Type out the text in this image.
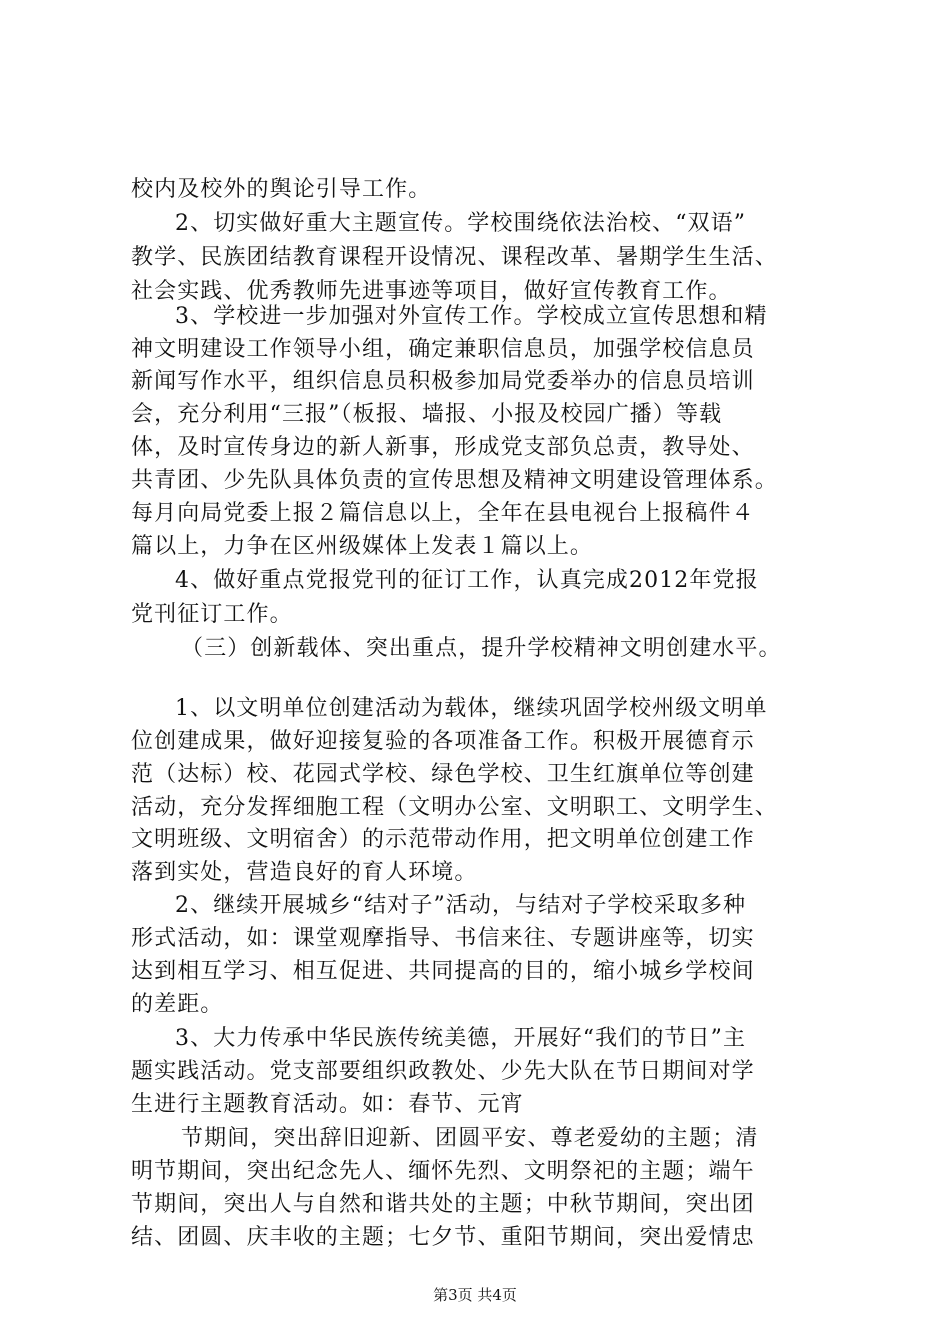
校内及校外的舆论引导工作。

2、切实做好重大主题宣传。学校围绕依法治校、“双语”

教学、民族团结教育课程开设情况、课程改革、暑期学生生活、

社会实践、优秀教师先进事迹等项目，做好宣传教育工作。

3、学校进一步加强对外宣传工作。学校成立宣传思想和精

神文明建设工作领导小组，确定兼职信息员，加强学校信息员

新闻写作水平，组织信息员积极参加局党委举办的信息员培训

会，充分利用“三报”（板报、墙报、小报及校园广播）等载

体，及时宣传身边的新人新事，形成党支部负总责，教导处、

共青团、少先队具体负责的宣传思想及精神文明建设管理体系。

每月向局党委上报２篇信息以上，全年在县电视台上报稿件４

篇以上，力争在区州级媒体上发表１篇以上。

4、做好重点党报党刊的征订工作，认真完成2012年党报

党刊征订工作。

（三）创新载体、突出重点，提升学校精神文明创建水平。

1、以文明单位创建活动为载体，继续巩固学校州级文明单

位创建成果，做好迎接复验的各项准备工作。积极开展德育示

范（达标）校、花园式学校、绿色学校、卫生红旗单位等创建

活动，充分发挥细胞工程（文明办公室、文明职工、文明学生、

文明班级、文明宿舍）的示范带动作用，把文明单位创建工作

落到实处，营造良好的育人环境。

2、继续开展城乡“结对子”活动，与结对子学校采取多种

形式活动，如：课堂观摩指导、书信来往、专题讲座等，切实

达到相互学习、相互促进、共同提高的目的，缩小城乡学校间

的差距。

3、大力传承中华民族传统美德，开展好“我们的节日”主

题实践活动。党支部要组织政教处、少先大队在节日期间对学

生进行主题教育活动。如：春节、元宵

节期间，突出辞旧迎新、团圆平安、尊老爱幼的主题；清

明节期间，突出纪念先人、缅怀先烈、文明祭祀的主题；端午

节期间，突出人与自然和谐共处的主题；中秋节期间，突出团

结、团圆、庆丰收的主题；七夕节、重阳节期间，突出爱情忠

第3页 共4页
